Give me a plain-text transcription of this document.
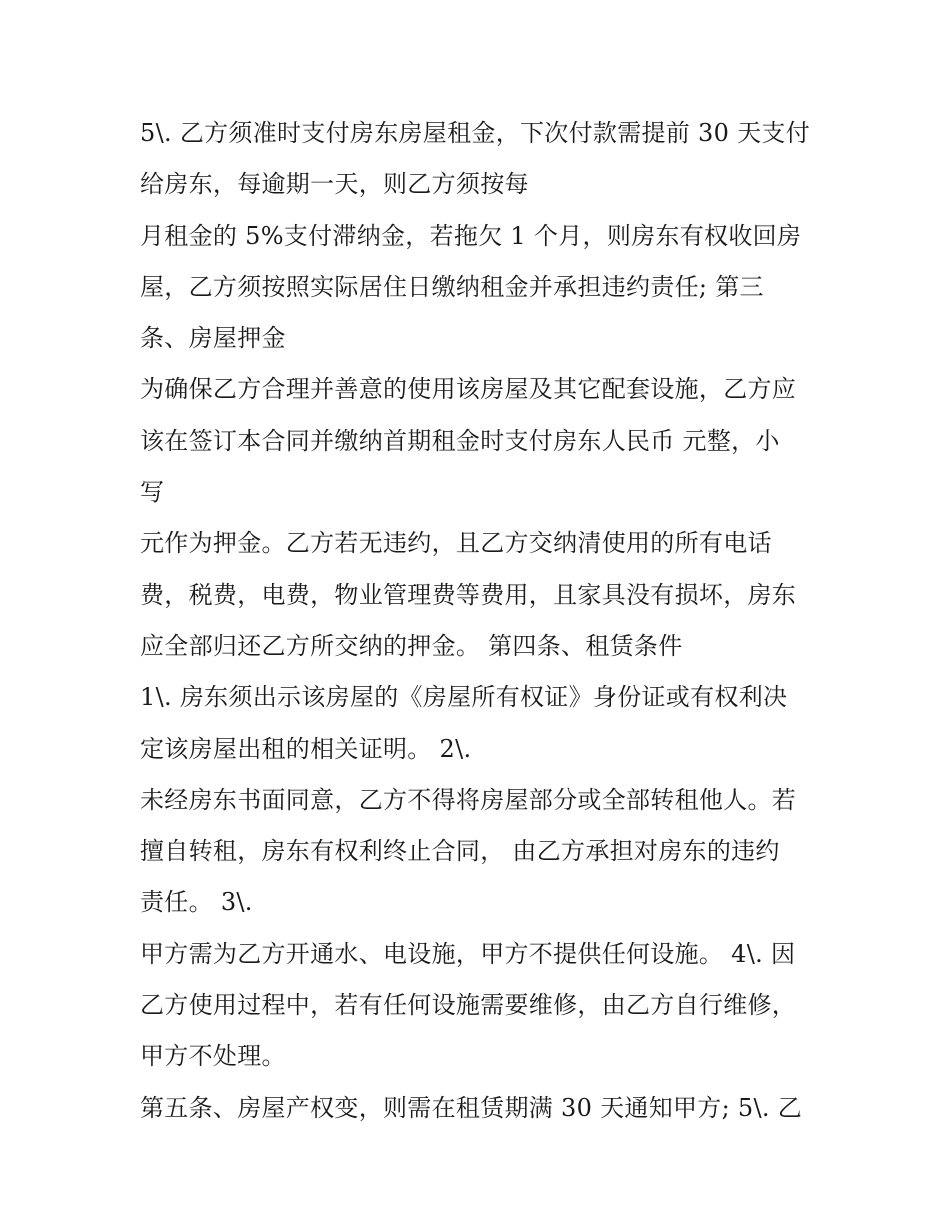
5\. 乙方须准时支付房东房屋租金，下次付款需提前 30 天支付
给房东，每逾期一天，则乙方须按每
月租金的 5%支付滞纳金，若拖欠 1 个月，则房东有权收回房
屋，乙方须按照实际居住日缴纳租金并承担违约责任; 第三
条、房屋押金
为确保乙方合理并善意的使用该房屋及其它配套设施，乙方应
该在签订本合同并缴纳首期租金时支付房东人民币 元整，小
写
元作为押金。乙方若无违约，且乙方交纳清使用的所有电话
费，税费，电费，物业管理费等费用，且家具没有损坏，房东
应全部归还乙方所交纳的押金。 第四条、租赁条件
1\. 房东须出示该房屋的《房屋所有权证》身份证或有权利决
定该房屋出租的相关证明。 2\.
未经房东书面同意，乙方不得将房屋部分或全部转租他人。若
擅自转租，房东有权利终止合同， 由乙方承担对房东的违约
责任。 3\.
甲方需为乙方开通水、电设施，甲方不提供任何设施。 4\. 因
乙方使用过程中，若有任何设施需要维修，由乙方自行维修，
甲方不处理。
第五条、房屋产权变，则需在租赁期满 30 天通知甲方; 5\. 乙
